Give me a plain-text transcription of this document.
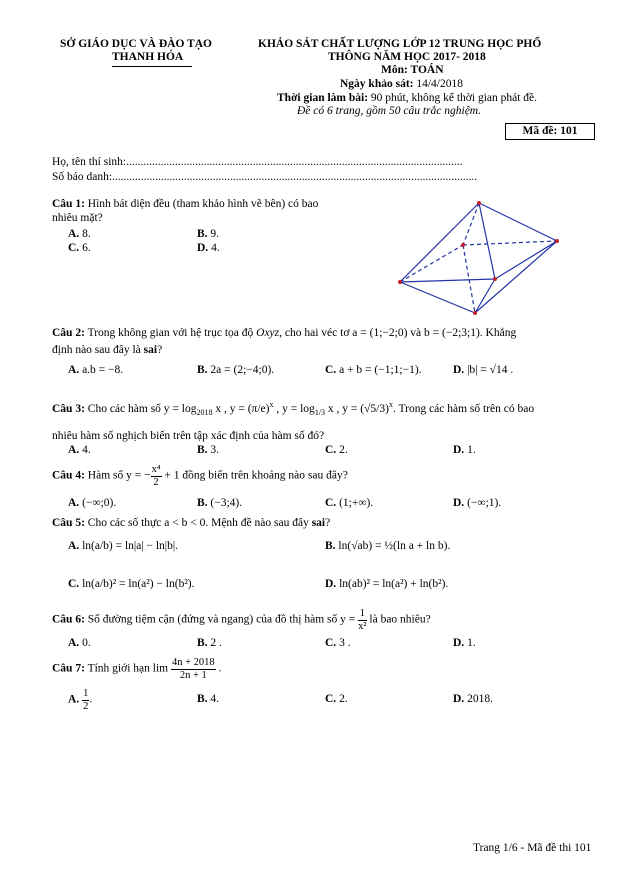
SỞ GIÁO DỤC VÀ ĐÀO TẠO
THANH HÓA
KHẢO SÁT CHẤT LƯỢNG LỚP 12 TRUNG HỌC PHỔ
THÔNG NĂM HỌC 2017- 2018
Môn: TOÁN
Ngày khảo sát: 14/4/2018
Thời gian làm bài: 90 phút, không kể thời gian phát đề.
Đề có 6 trang, gồm 50 câu trắc nghiệm.
Mã đề: 101
Họ, tên thí sinh:.....................................................................................................................
Số báo danh:...............................................................................................................................
Câu 1: Hình bát diện đều (tham khảo hình vẽ bên) có bao
nhiêu mặt?
A. 8.	B. 9.
C. 6.	D. 4.
Câu 2: Trong không gian với hệ trục tọa độ Oxyz, cho hai véc tơ a = (1;−2;0) và b = (−2;3;1). Khẳng
định nào sau đây là sai?
A. a.b = −8.	B. 2a = (2;−4;0).	C. a + b = (−1;1;−1).	D. |b| = √14 .
Câu 3: Cho các hàm số $y = \log_{2018} x$ , $y = (\pi/e)^x$ , $y = \log_{1/3} x$ , $y = (√5/3)^x$. Trong các hàm số trên có bao
nhiêu hàm số nghịch biến trên tập xác định của hàm số đó?
A. 4.	B. 3.	C. 2.	D. 1.
Câu 4: Hàm số y = − $\frac{\text{x⁴}}{2} + 1$ đồng biến trên khoảng nào sau đây?
A. (−∞;0).	B. (−3;4).	C. (1;+∞).	D. (−∞;1).
Câu 5: Cho các số thực a < b < 0. Mệnh đề nào sau đây sai?
A. ln(a/b) = ln|a| − ln|b|.	B. ln(√ab) = ½(ln a + ln b).
C. ln(a/b)² = ln(a²) − ln(b²).	D. ln(ab)² = ln(a²) + ln(b²).
Câu 6: Số đường tiệm cận (đứng và ngang) của đồ thị hàm số $y = \frac{1}{\text{x²}}$ là bao nhiêu?
A. 0.	B. 2 .	C. 3 .	D. 1.
Câu 7: Tính giới hạn $\lim \frac{4n + 2018}{2n + 1}$ .
A. $\frac{1}{2}$ .	B. 4.	C. 2.	D. 2018.
Trang 1/6 - Mã đề thi 101
